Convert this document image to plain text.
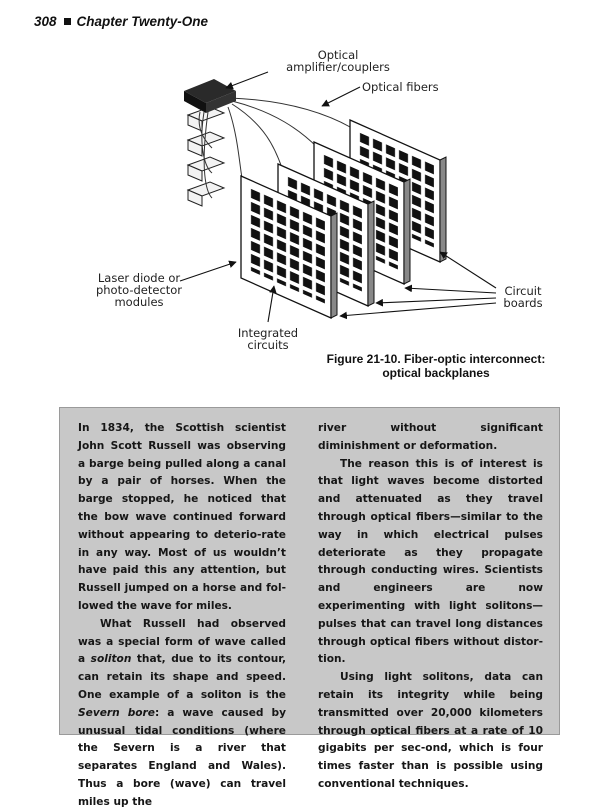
308 Chapter Twenty-One
Optical
amplifier/couplers
Optical fibers
Laser diode or
photo-detector
modules
Circuit
boards
Integrated
circuits
Figure 21-10. Fiber-optic interconnect:
optical backplanes

In 1834, the Scottish scientist John Scott Russell was observing a barge being pulled along a canal by a pair of horses. When the barge stopped, he noticed that the bow wave continued forward without appearing to deterio-rate in any way. Most of us wouldn’t have paid this any attention, but Russell jumped on a horse and fol-lowed the wave for miles.

What Russell had observed was a special form of wave called a soliton that, due to its contour, can retain its shape and speed. One example of a soliton is the Severn bore: a wave caused by unusual tidal conditions (where the Severn is a river that separates England and Wales). Thus a bore (wave) can travel miles up the

river without significant diminishment or deformation.

The reason this is of interest is that light waves become distorted and attenuated as they travel through optical fibers—similar to the way in which electrical pulses deteriorate as they propagate through conducting wires. Scientists and engineers are now experimenting with light solitons—pulses that can travel long distances through optical fibers without distor-tion.

Using light solitons, data can retain its integrity while being transmitted over 20,000 kilometers through optical fibers at a rate of 10 gigabits per sec-ond, which is four times faster than is possible using conventional techniques.
